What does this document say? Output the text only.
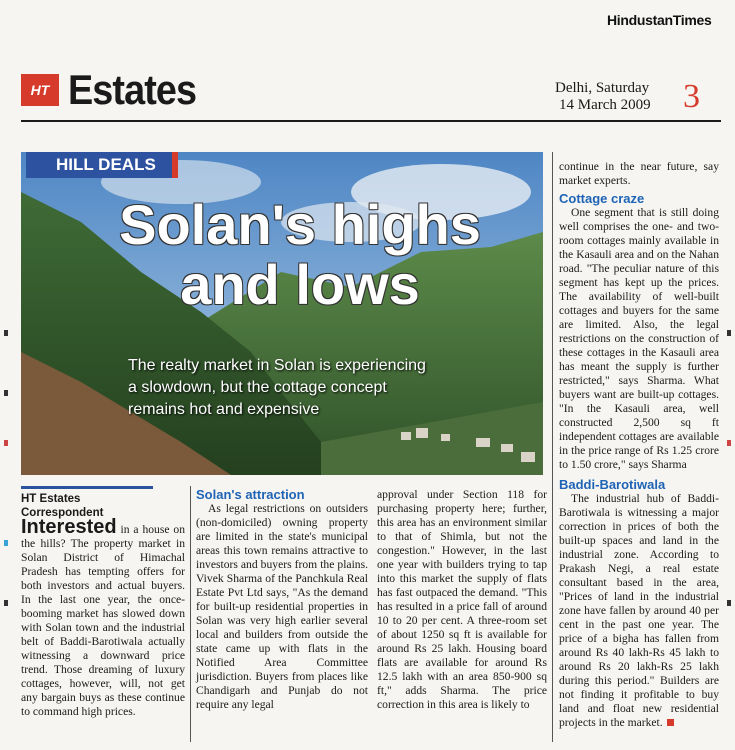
HindustanTimes
HT Estates	Delhi, Saturday
14 March 2009 3
HILL DEALS
Solan's highs
and lows
The realty market in Solan is experiencing a slowdown, but the cottage concept remains hot and expensive

HT Estates
Correspondent

Interested in a house on the hills? The property market in Solan District of Himachal Pradesh has tempting offers for both investors and actual buyers. In the last one year, the once-booming market has slowed down with Solan town and the industrial belt of Baddi-Barotiwala actually witnessing a downward price trend. Those dreaming of luxury cottages, however, will, not get any bargain buys as these continue to command high prices.

Solan's attraction

As legal restrictions on outsiders (non-domiciled) owning property are limited in the state's municipal areas this town remains attractive to investors and buyers from the plains. Vivek Sharma of the Panchkula Real Estate Pvt Ltd says, "As the demand for built-up residential properties in Solan was very high earlier several local and builders from outside the state came up with flats in the Notified Area Committee jurisdiction. Buyers from places like Chandigarh and Punjab do not require any legal

approval under Section 118 for purchasing property here; further, this area has an environment similar to that of Shimla, but not the congestion." However, in the last one year with builders trying to tap into this market the supply of flats has fast outpaced the demand. "This has resulted in a price fall of around 10 to 20 per cent. A three-room set of about 1250 sq ft is available for around Rs 25 lakh. Housing board flats are available for around Rs 12.5 lakh with an area 850-900 sq ft," adds Sharma. The price correction in this area is likely to

continue in the near future, say market experts.

Cottage craze

One segment that is still doing well comprises the one- and two-room cottages mainly available in the Kasauli area and on the Nahan road. "The peculiar nature of this segment has kept up the prices. The availability of well-built cottages and buyers for the same are limited. Also, the legal restrictions on the construction of these cottages in the Kasauli area has meant the supply is further restricted," says Sharma. What buyers want are built-up cottages. "In the Kasauli area, well constructed 2,500 sq ft independent cottages are available in the price range of Rs 1.25 crore to 1.50 crore," says Sharma

Baddi-Barotiwala

The industrial hub of Baddi-Barotiwala is witnessing a major correction in prices of both the built-up spaces and land in the industrial zone. According to Prakash Negi, a real estate consultant based in the area, "Prices of land in the industrial zone have fallen by around 40 per cent in the past one year. The price of a bigha has fallen from around Rs 40 lakh-Rs 45 lakh to around Rs 20 lakh-Rs 25 lakh during this period." Builders are not finding it profitable to buy land and float new residential projects in the market.
